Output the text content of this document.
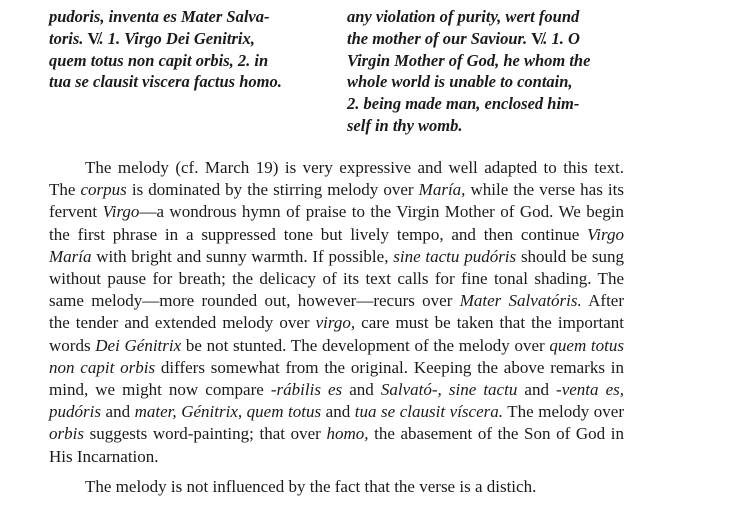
pudoris, inventa es Mater Salva-
toris. V̸. 1. Virgo Dei Genitrix,
quem totus non capit orbis, 2. in
tua se clausit viscera factus homo.
any violation of purity, wert found
the mother of our Saviour. V̸. 1. O
Virgin Mother of God, he whom the
whole world is unable to contain,
2. being made man, enclosed him-
self in thy womb.

The melody (cf. March 19) is very expressive and well adapted to this text. The corpus is dominated by the stirring melody over María, while the verse has its fervent Virgo—a wondrous hymn of praise to the Virgin Mother of God. We begin the first phrase in a suppressed tone but lively tempo, and then continue Virgo María with bright and sunny warmth. If possible, sine tactu pudóris should be sung without pause for breath; the delicacy of its text calls for fine tonal shading. The same melody—more rounded out, however—recurs over Mater Salvatóris. After the tender and extended melody over virgo, care must be taken that the important words Dei Génitrix be not stunted. The development of the melody over quem totus non capit orbis differs somewhat from the original. Keeping the above remarks in mind, we might now compare -rábilis es and Salvató-, sine tactu and -venta es, pudóris and mater, Génitrix, quem totus and tua se clausit víscera. The melody over orbis suggests word-painting; that over homo, the abasement of the Son of God in His Incarnation.

The melody is not influenced by the fact that the verse is a distich.
